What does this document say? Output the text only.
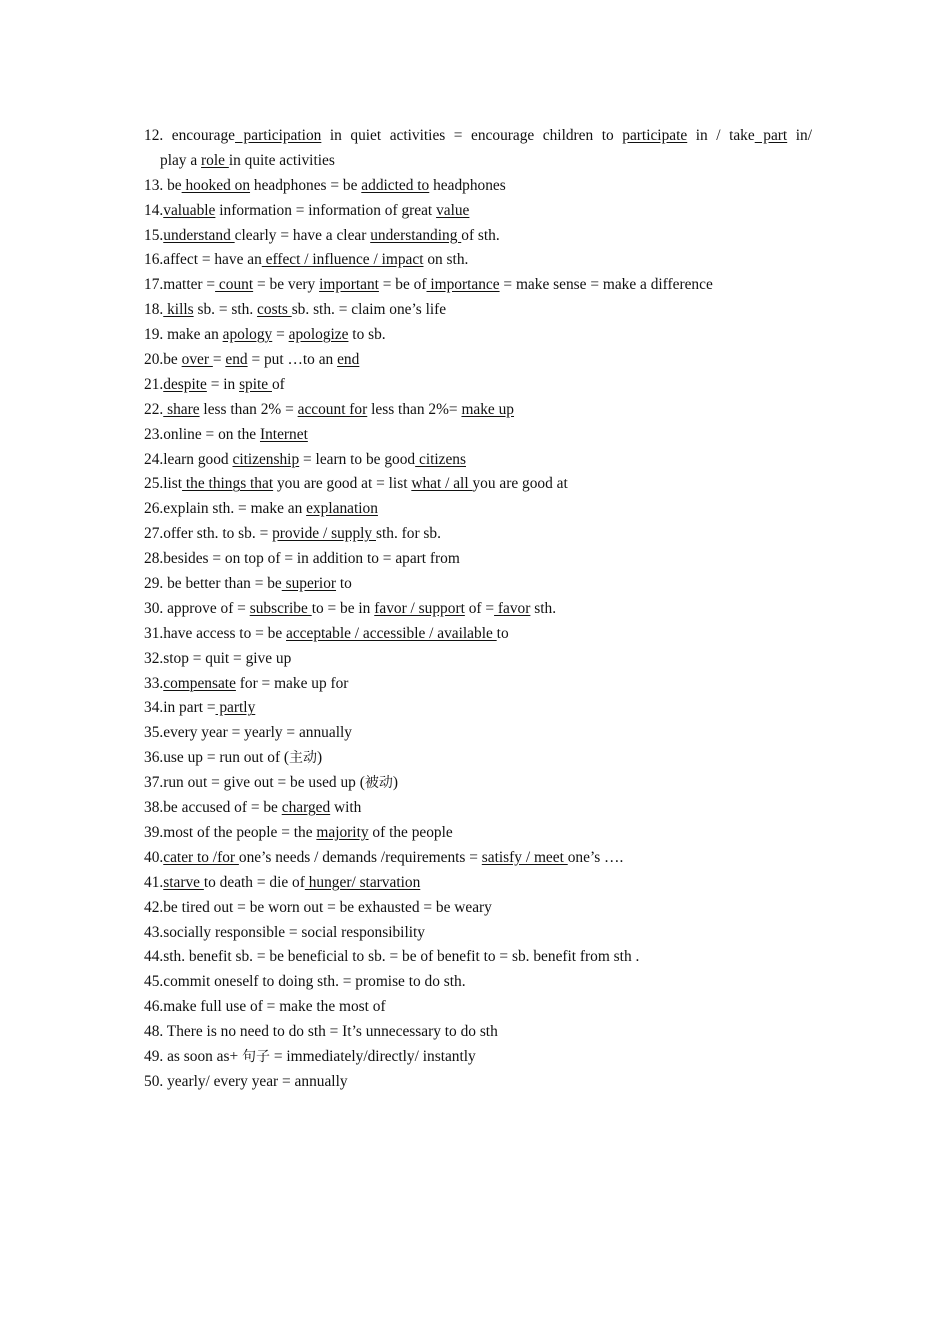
12. encourage participation in quiet activities = encourage children to participate in / take part in/
play a role in quite activities
13. be hooked on headphones = be addicted to headphones
14.valuable information = information of great value
15.understand clearly = have a clear understanding of sth.
16.affect = have an effect / influence / impact on sth.
17.matter = count = be very important = be of importance = make sense = make a difference
18. kills sb. = sth. costs sb. sth. = claim one’s life
19. make an apology = apologize to sb.
20.be over = end = put …to an end
21.despite = in spite of
22. share less than 2% = account for less than 2%= make up
23.online = on the Internet
24.learn good citizenship = learn to be good citizens
25.list the things that you are good at = list what / all you are good at
26.explain sth. = make an explanation
27.offer sth. to sb. = provide / supply sth. for sb.
28.besides = on top of = in addition to = apart from
29. be better than = be superior to
30. approve of = subscribe to = be in favor / support of = favor sth.
31.have access to = be acceptable / accessible / available to
32.stop = quit = give up
33.compensate for = make up for
34.in part = partly
35.every year = yearly = annually
36.use up = run out of (主动)
37.run out = give out = be used up (被动)
38.be accused of = be charged with
39.most of the people = the majority of the people
40.cater to /for one’s needs / demands /requirements = satisfy / meet one’s ….
41.starve to death = die of hunger/ starvation
42.be tired out = be worn out = be exhausted = be weary
43.socially responsible = social responsibility
44.sth. benefit sb. = be beneficial to sb. = be of benefit to = sb. benefit from sth .
45.commit oneself to doing sth. = promise to do sth.
46.make full use of = make the most of
48. There is no need to do sth = It’s unnecessary to do sth
49. as soon as+ 句子 = immediately/directly/ instantly
50. yearly/ every year = annually
